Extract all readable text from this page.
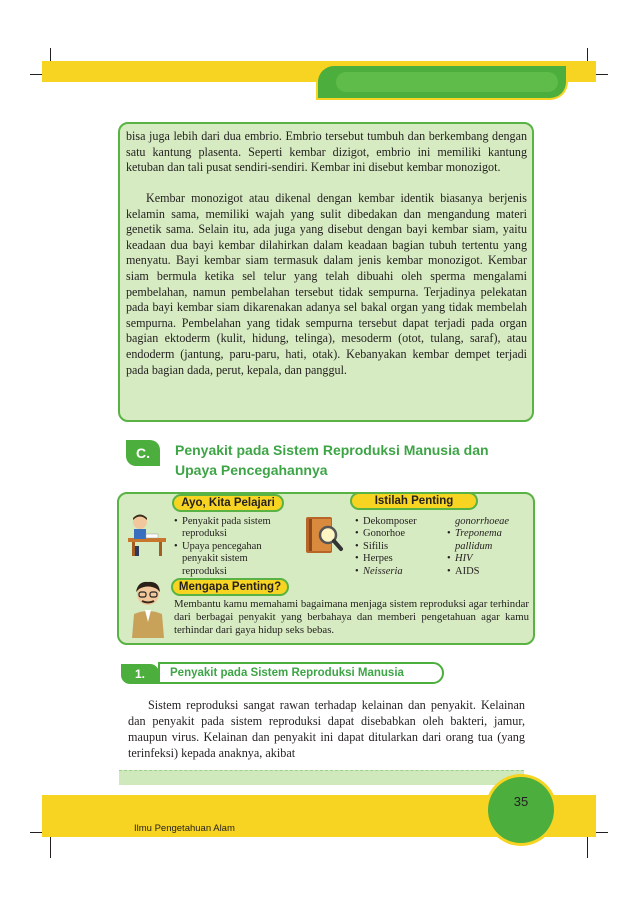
bisa juga lebih dari dua embrio. Embrio tersebut tumbuh dan berkembang dengan satu kantung plasenta. Seperti kembar dizigot, embrio ini memiliki kantung ketuban dan tali pusat sendiri-sendiri. Kembar ini disebut kembar monozigot.

Kembar monozigot atau dikenal dengan kembar identik biasanya berjenis kelamin sama, memiliki wajah yang sulit dibedakan dan mengandung materi genetik sama. Selain itu, ada juga yang disebut dengan bayi kembar siam, yaitu keadaan dua bayi kembar dilahirkan dalam keadaan bagian tubuh tertentu yang menyatu. Bayi kembar siam termasuk dalam jenis kembar monozigot. Kembar siam bermula ketika sel telur yang telah dibuahi oleh sperma mengalami pembelahan, namun pembelahan tersebut tidak sempurna. Terjadinya pelekatan pada bayi kembar siam dikarenakan adanya sel bakal organ yang tidak membelah sempurna. Pembelahan yang tidak sempurna tersebut dapat terjadi pada organ bagian ektoderm (kulit, hidung, telinga), mesoderm (otot, tulang, saraf), atau endoderm (jantung, paru-paru, hati, otak). Kebanyakan kembar dempet terjadi pada bagian dada, perut, kepala, dan panggul.

C.	Penyakit pada Sistem Reproduksi Manusia dan
Upaya Pencegahannya
Ayo, Kita Pelajari
• Penyakit pada sistem reproduksi
• Upaya pencegahan penyakit sistem reproduksi
Istilah Penting
• Dekomposer
• Gonorhoe
• Sifilis
• Herpes
• Neisseria
gonorrhoeae
• Treponema
pallidum
• HIV
• AIDS
Mengapa Penting?

Membantu kamu memahami bagaimana menjaga sistem reproduksi agar terhindar dari berbagai penyakit yang berbahaya dan memberi pengetahuan agar kamu terhindar dari gaya hidup seks bebas.

Penyakit pada Sistem Reproduksi Manusia
1.

Sistem reproduksi sangat rawan terhadap kelainan dan penyakit. Kelainan dan penyakit pada sistem reproduksi dapat disebabkan oleh bakteri, jamur, maupun virus. Kelainan dan penyakit ini dapat ditularkan dari orang tua (yang terinfeksi) kepada anaknya, akibat

Ilmu Pengetahuan Alam
35
